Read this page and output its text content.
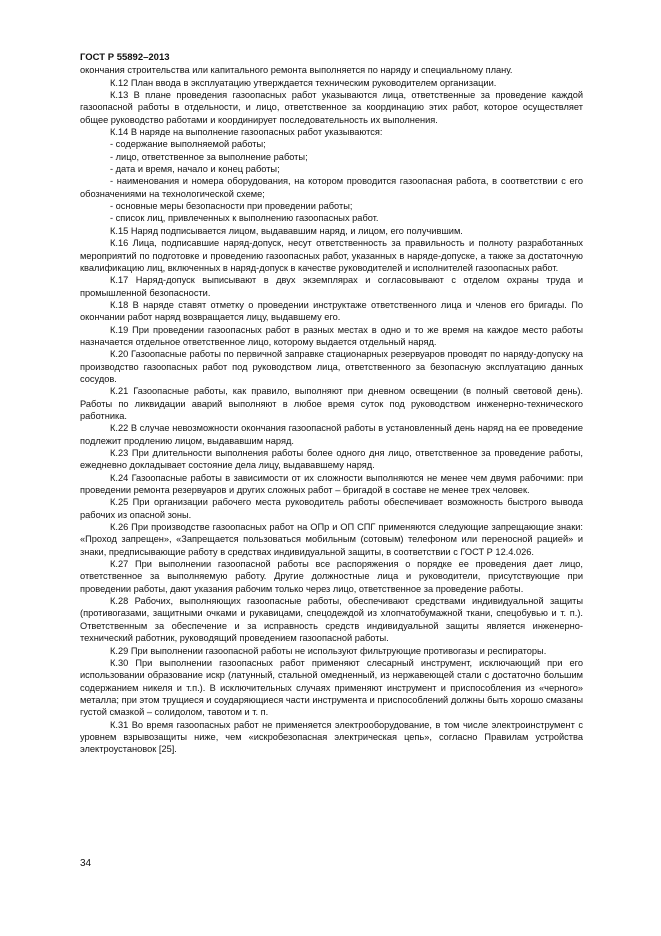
ГОСТ Р 55892–2013

окончания строительства или капитального ремонта выполняется по наряду и специальному плану.

К.12 План ввода в эксплуатацию утверждается техническим руководителем организации.

К.13 В плане проведения газоопасных работ указываются лица, ответственные за проведение каждой газоопасной работы в отдельности, и лицо, ответственное за координацию этих работ, которое осуществляет общее руководство работами и координирует последовательность их выполнения.

К.14 В наряде на выполнение газоопасных работ указываются:

- содержание выполняемой работы;

- лицо, ответственное за выполнение работы;

- дата и время, начало и конец работы;

- наименования и номера оборудования, на котором проводится газоопасная работа, в соответствии с его обозначениями на технологической схеме;

- основные меры безопасности при проведении работы;

- список лиц, привлеченных к выполнению газоопасных работ.

К.15 Наряд подписывается лицом, выдававшим наряд, и лицом, его получившим.

К.16 Лица, подписавшие наряд-допуск, несут ответственность за правильность и полноту разработанных мероприятий по подготовке и проведению газоопасных работ, указанных в наряде-допуске, а также за достаточную квалификацию лиц, включенных в наряд-допуск в качестве руководителей и исполнителей газоопасных работ.

К.17 Наряд-допуск выписывают в двух экземплярах и согласовывают с отделом охраны труда и промышленной безопасности.

К.18 В наряде ставят отметку о проведении инструктаже ответственного лица и членов его бригады. По окончании работ наряд возвращается лицу, выдавшему его.

К.19 При проведении газоопасных работ в разных местах в одно и то же время на каждое место работы назначается отдельное ответственное лицо, которому выдается отдельный наряд.

К.20 Газоопасные работы по первичной заправке стационарных резервуаров проводят по наряду-допуску на производство газоопасных работ под руководством лица, ответственного за безопасную эксплуатацию данных сосудов.

К.21 Газоопасные работы, как правило, выполняют при дневном освещении (в полный световой день). Работы по ликвидации аварий выполняют в любое время суток под руководством инженерно-технического работника.

К.22 В случае невозможности окончания газоопасной работы в установленный день наряд на ее проведение подлежит продлению лицом, выдававшим наряд.

К.23 При длительности выполнения работы более одного дня лицо, ответственное за проведение работы, ежедневно докладывает состояние дела лицу, выдававшему наряд.

К.24 Газоопасные работы в зависимости от их сложности выполняются не менее чем двумя рабочими: при проведении ремонта резервуаров и других сложных работ – бригадой в составе не менее трех человек.

К.25 При организации рабочего места руководитель работы обеспечивает возможность быстрого вывода рабочих из опасной зоны.

К.26 При производстве газоопасных работ на ОПр и ОП СПГ применяются следующие запрещающие знаки: «Проход запрещен», «Запрещается пользоваться мобильным (сотовым) телефоном или переносной рацией» и знаки, предписывающие работу в средствах индивидуальной защиты, в соответствии с ГОСТ Р 12.4.026.

К.27 При выполнении газоопасной работы все распоряжения о порядке ее проведения дает лицо, ответственное за выполняемую работу. Другие должностные лица и руководители, присутствующие при проведении работы, дают указания рабочим только через лицо, ответственное за проведение работы.

К.28 Рабочих, выполняющих газоопасные работы, обеспечивают средствами индивидуальной защиты (противогазами, защитными очками и рукавицами, спецодеждой из хлопчатобумажной ткани, спецобувью и т. п.). Ответственным за обеспечение и за исправность средств индивидуальной защиты является инженерно-технический работник, руководящий проведением газоопасной работы.

К.29 При выполнении газоопасной работы не используют фильтрующие противогазы и респираторы.

К.30 При выполнении газоопасных работ применяют слесарный инструмент, исключающий при его использовании образование искр (латунный, стальной омедненный, из нержавеющей стали с достаточно большим содержанием никеля и т.п.). В исключительных случаях применяют инструмент и приспособления из «черного» металла; при этом трущиеся и соударяющиеся части инструмента и приспособлений должны быть хорошо смазаны густой смазкой – солидолом, тавотом и т. п.

К.31 Во время газоопасных работ не применяется электрооборудование, в том числе электроинструмент с уровнем взрывозащиты ниже, чем «искробезопасная электрическая цепь», согласно Правилам устройства электроустановок [25].

34
